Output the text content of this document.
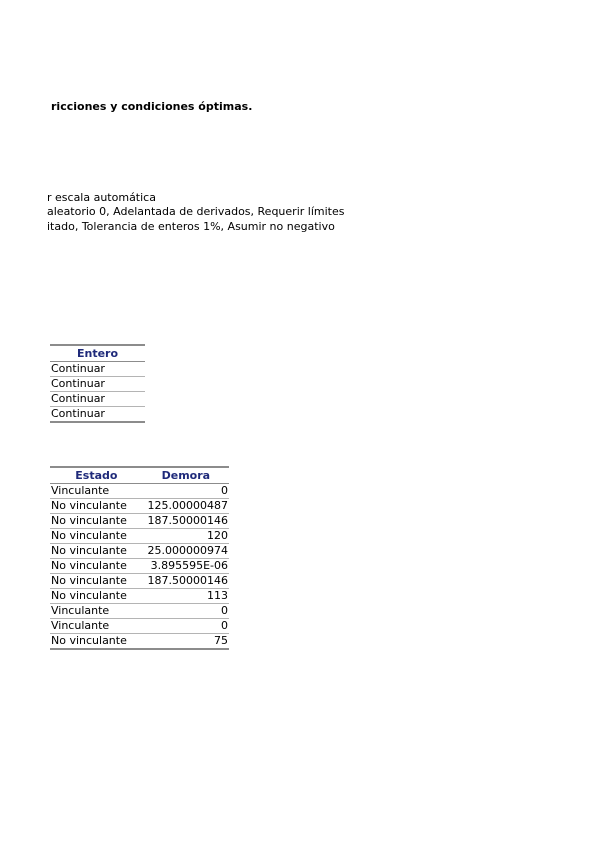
ricciones y condiciones óptimas.
r escala automática
aleatorio 0, Adelantada de derivados, Requerir límites
itado, Tolerancia de enteros 1%, Asumir no negativo
Entero
Continuar
Continuar
Continuar
Continuar
Estado	Demora
Vinculante	0
No vinculante	125.00000487
No vinculante	187.50000146
No vinculante	120
No vinculante	25.000000974
No vinculante	3.895595E-06
No vinculante	187.50000146
No vinculante	113
Vinculante	0
Vinculante	0
No vinculante	75
